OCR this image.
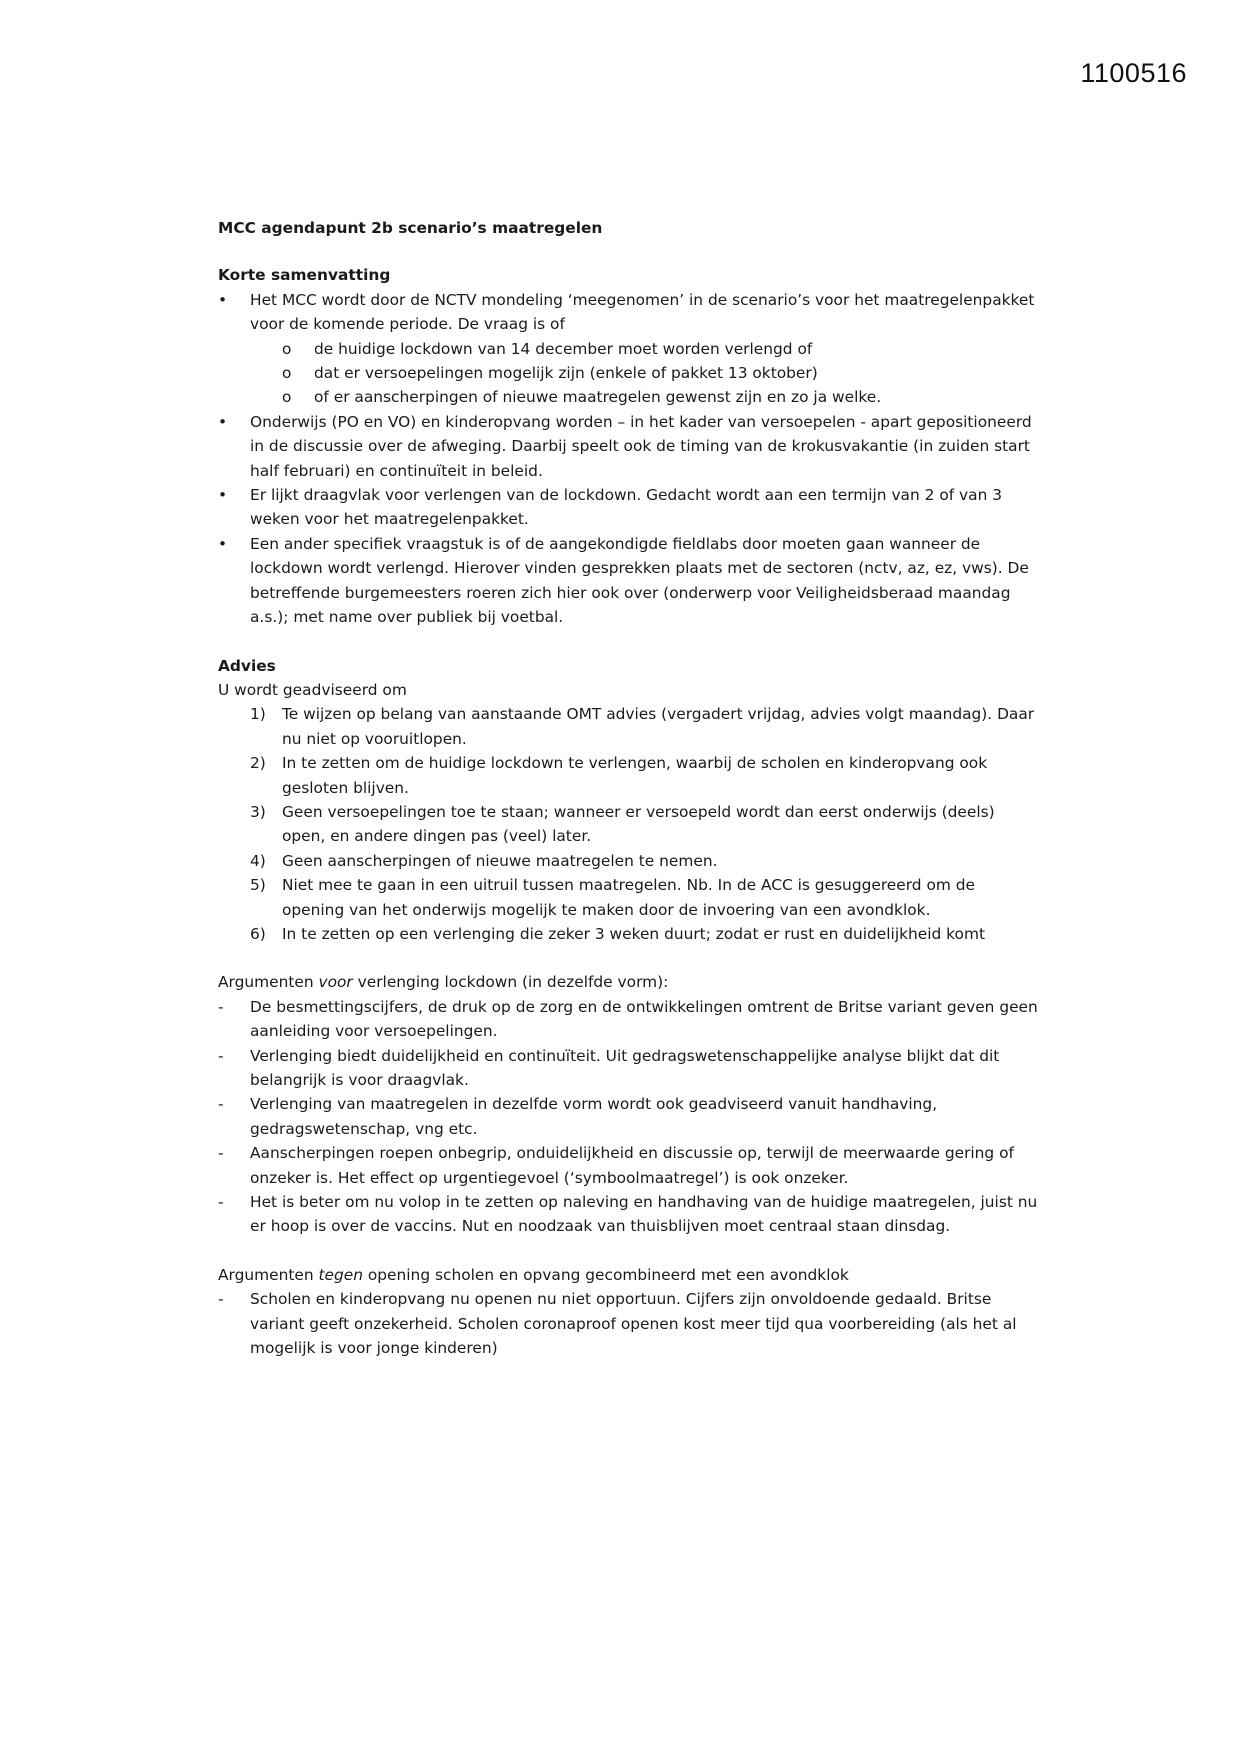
1100516

MCC agendapunt 2b scenario’s maatregelen

Korte samenvatting

•	Het MCC wordt door de NCTV mondeling ‘meegenomen’ in de scenario’s voor het maatregelenpakket voor de komende periode. De vraag is of
o	de huidige lockdown van 14 december moet worden verlengd of
o	dat er versoepelingen mogelijk zijn (enkele of pakket 13 oktober)
o	of er aanscherpingen of nieuwe maatregelen gewenst zijn en zo ja welke.
•	Onderwijs (PO en VO) en kinderopvang worden – in het kader van versoepelen - apart gepositioneerd in de discussie over de afweging. Daarbij speelt ook de timing van de krokusvakantie (in zuiden start half februari) en continuïteit in beleid.
•	Er lijkt draagvlak voor verlengen van de lockdown. Gedacht wordt aan een termijn van 2 of van 3 weken voor het maatregelenpakket.
•	Een ander specifiek vraagstuk is of de aangekondigde fieldlabs door moeten gaan wanneer de lockdown wordt verlengd. Hierover vinden gesprekken plaats met de sectoren (nctv, az, ez, vws). De betreffende burgemeesters roeren zich hier ook over (onderwerp voor Veiligheidsberaad maandag a.s.); met name over publiek bij voetbal.

Advies

U wordt geadviseerd om

1) Te wijzen op belang van aanstaande OMT advies (vergadert vrijdag, advies volgt maandag). Daar nu niet op vooruitlopen.
2) In te zetten om de huidige lockdown te verlengen, waarbij de scholen en kinderopvang ook gesloten blijven.
3) Geen versoepelingen toe te staan; wanneer er versoepeld wordt dan eerst onderwijs (deels) open, en andere dingen pas (veel) later.
4) Geen aanscherpingen of nieuwe maatregelen te nemen.
5) Niet mee te gaan in een uitruil tussen maatregelen. Nb. In de ACC is gesuggereerd om de opening van het onderwijs mogelijk te maken door de invoering van een avondklok.
6) In te zetten op een verlenging die zeker 3 weken duurt; zodat er rust en duidelijkheid komt

Argumenten voor verlenging lockdown (in dezelfde vorm):

- De besmettingscijfers, de druk op de zorg en de ontwikkelingen omtrent de Britse variant geven geen aanleiding voor versoepelingen.
- Verlenging biedt duidelijkheid en continuïteit. Uit gedragswetenschappelijke analyse blijkt dat dit belangrijk is voor draagvlak.
- Verlenging van maatregelen in dezelfde vorm wordt ook geadviseerd vanuit handhaving, gedragswetenschap, vng etc.
- Aanscherpingen roepen onbegrip, onduidelijkheid en discussie op, terwijl de meerwaarde gering of onzeker is. Het effect op urgentiegevoel (‘symboolmaatregel’) is ook onzeker.
- Het is beter om nu volop in te zetten op naleving en handhaving van de huidige maatregelen, juist nu er hoop is over de vaccins. Nut en noodzaak van thuisblijven moet centraal staan dinsdag.

Argumenten tegen opening scholen en opvang gecombineerd met een avondklok

- Scholen en kinderopvang nu openen nu niet opportuun. Cijfers zijn onvoldoende gedaald. Britse variant geeft onzekerheid. Scholen coronaproof openen kost meer tijd qua voorbereiding (als het al mogelijk is voor jonge kinderen)
